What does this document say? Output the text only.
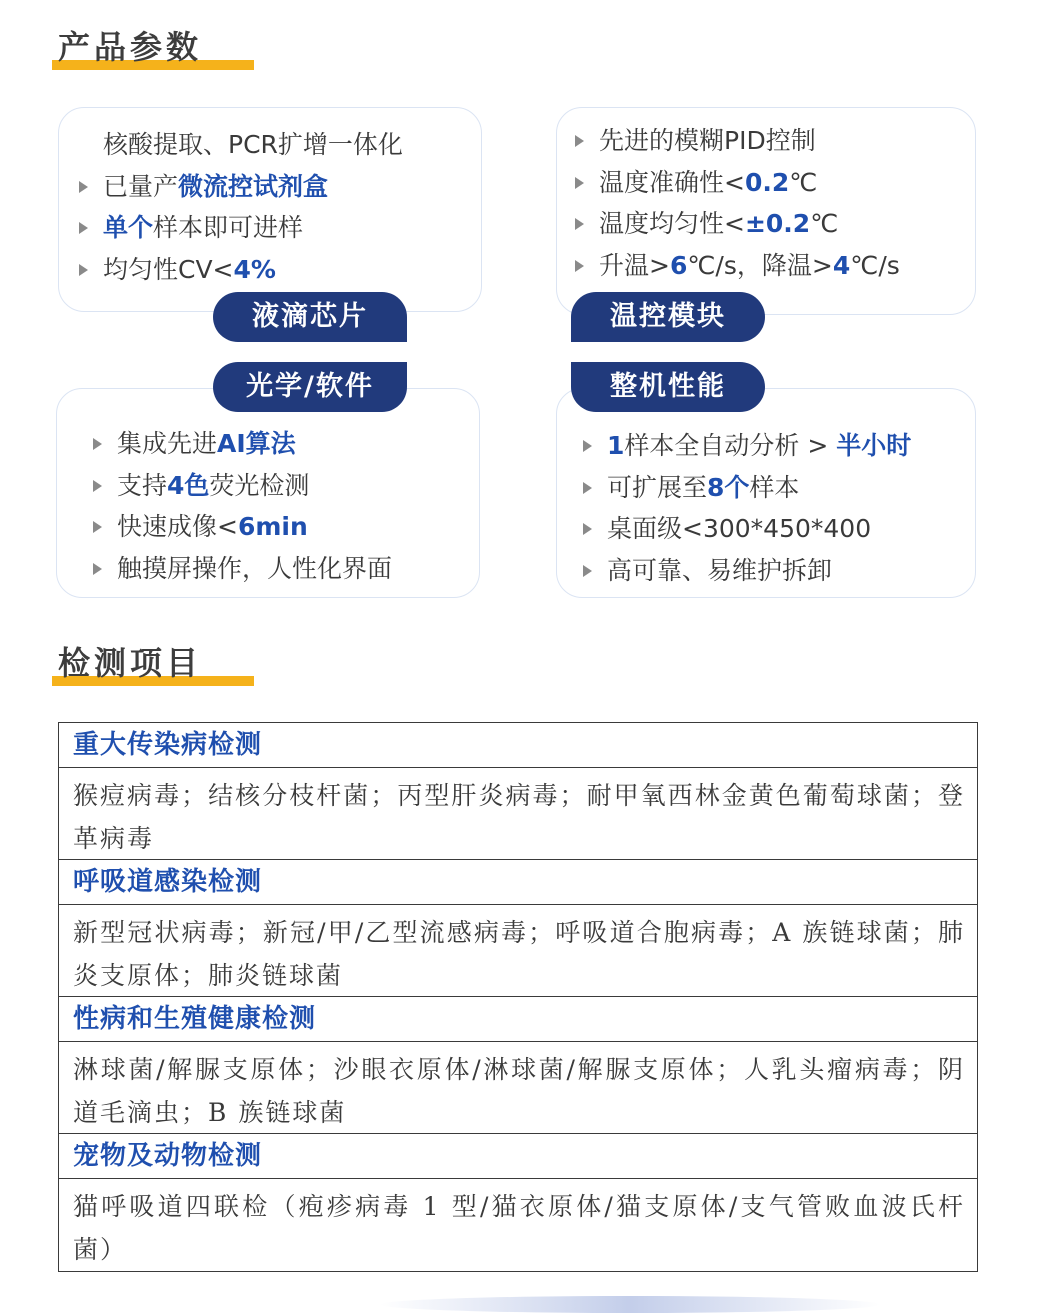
产品参数
核酸提取、PCR扩增一体化
已量产微流控试剂盒
单个样本即可进样
均匀性CV<4%
液滴芯片
先进的模糊PID控制
温度准确性<0.2℃
温度均匀性<±0.2℃
升温>6℃/s，降温>4℃/s
温控模块
集成先进AI算法
支持4色荧光检测
快速成像<6min
触摸屏操作，人性化界面
光学/软件
1样本全自动分析 > 半小时
可扩展至8个样本
桌面级<300*450*400
高可靠、易维护拆卸
整机性能
检测项目
重大传染病检测
猴痘病毒；结核分枝杆菌；丙型肝炎病毒；耐甲氧西林金黄色葡萄球菌；登革病毒
呼吸道感染检测
新型冠状病毒；新冠/甲/乙型流感病毒；呼吸道合胞病毒；A 族链球菌；肺炎支原体；肺炎链球菌
性病和生殖健康检测
淋球菌/解脲支原体；沙眼衣原体/淋球菌/解脲支原体；人乳头瘤病毒；阴道毛滴虫；B 族链球菌
宠物及动物检测
猫呼吸道四联检（疱疹病毒 1 型/猫衣原体/猫支原体/支气管败血波氏杆菌）
